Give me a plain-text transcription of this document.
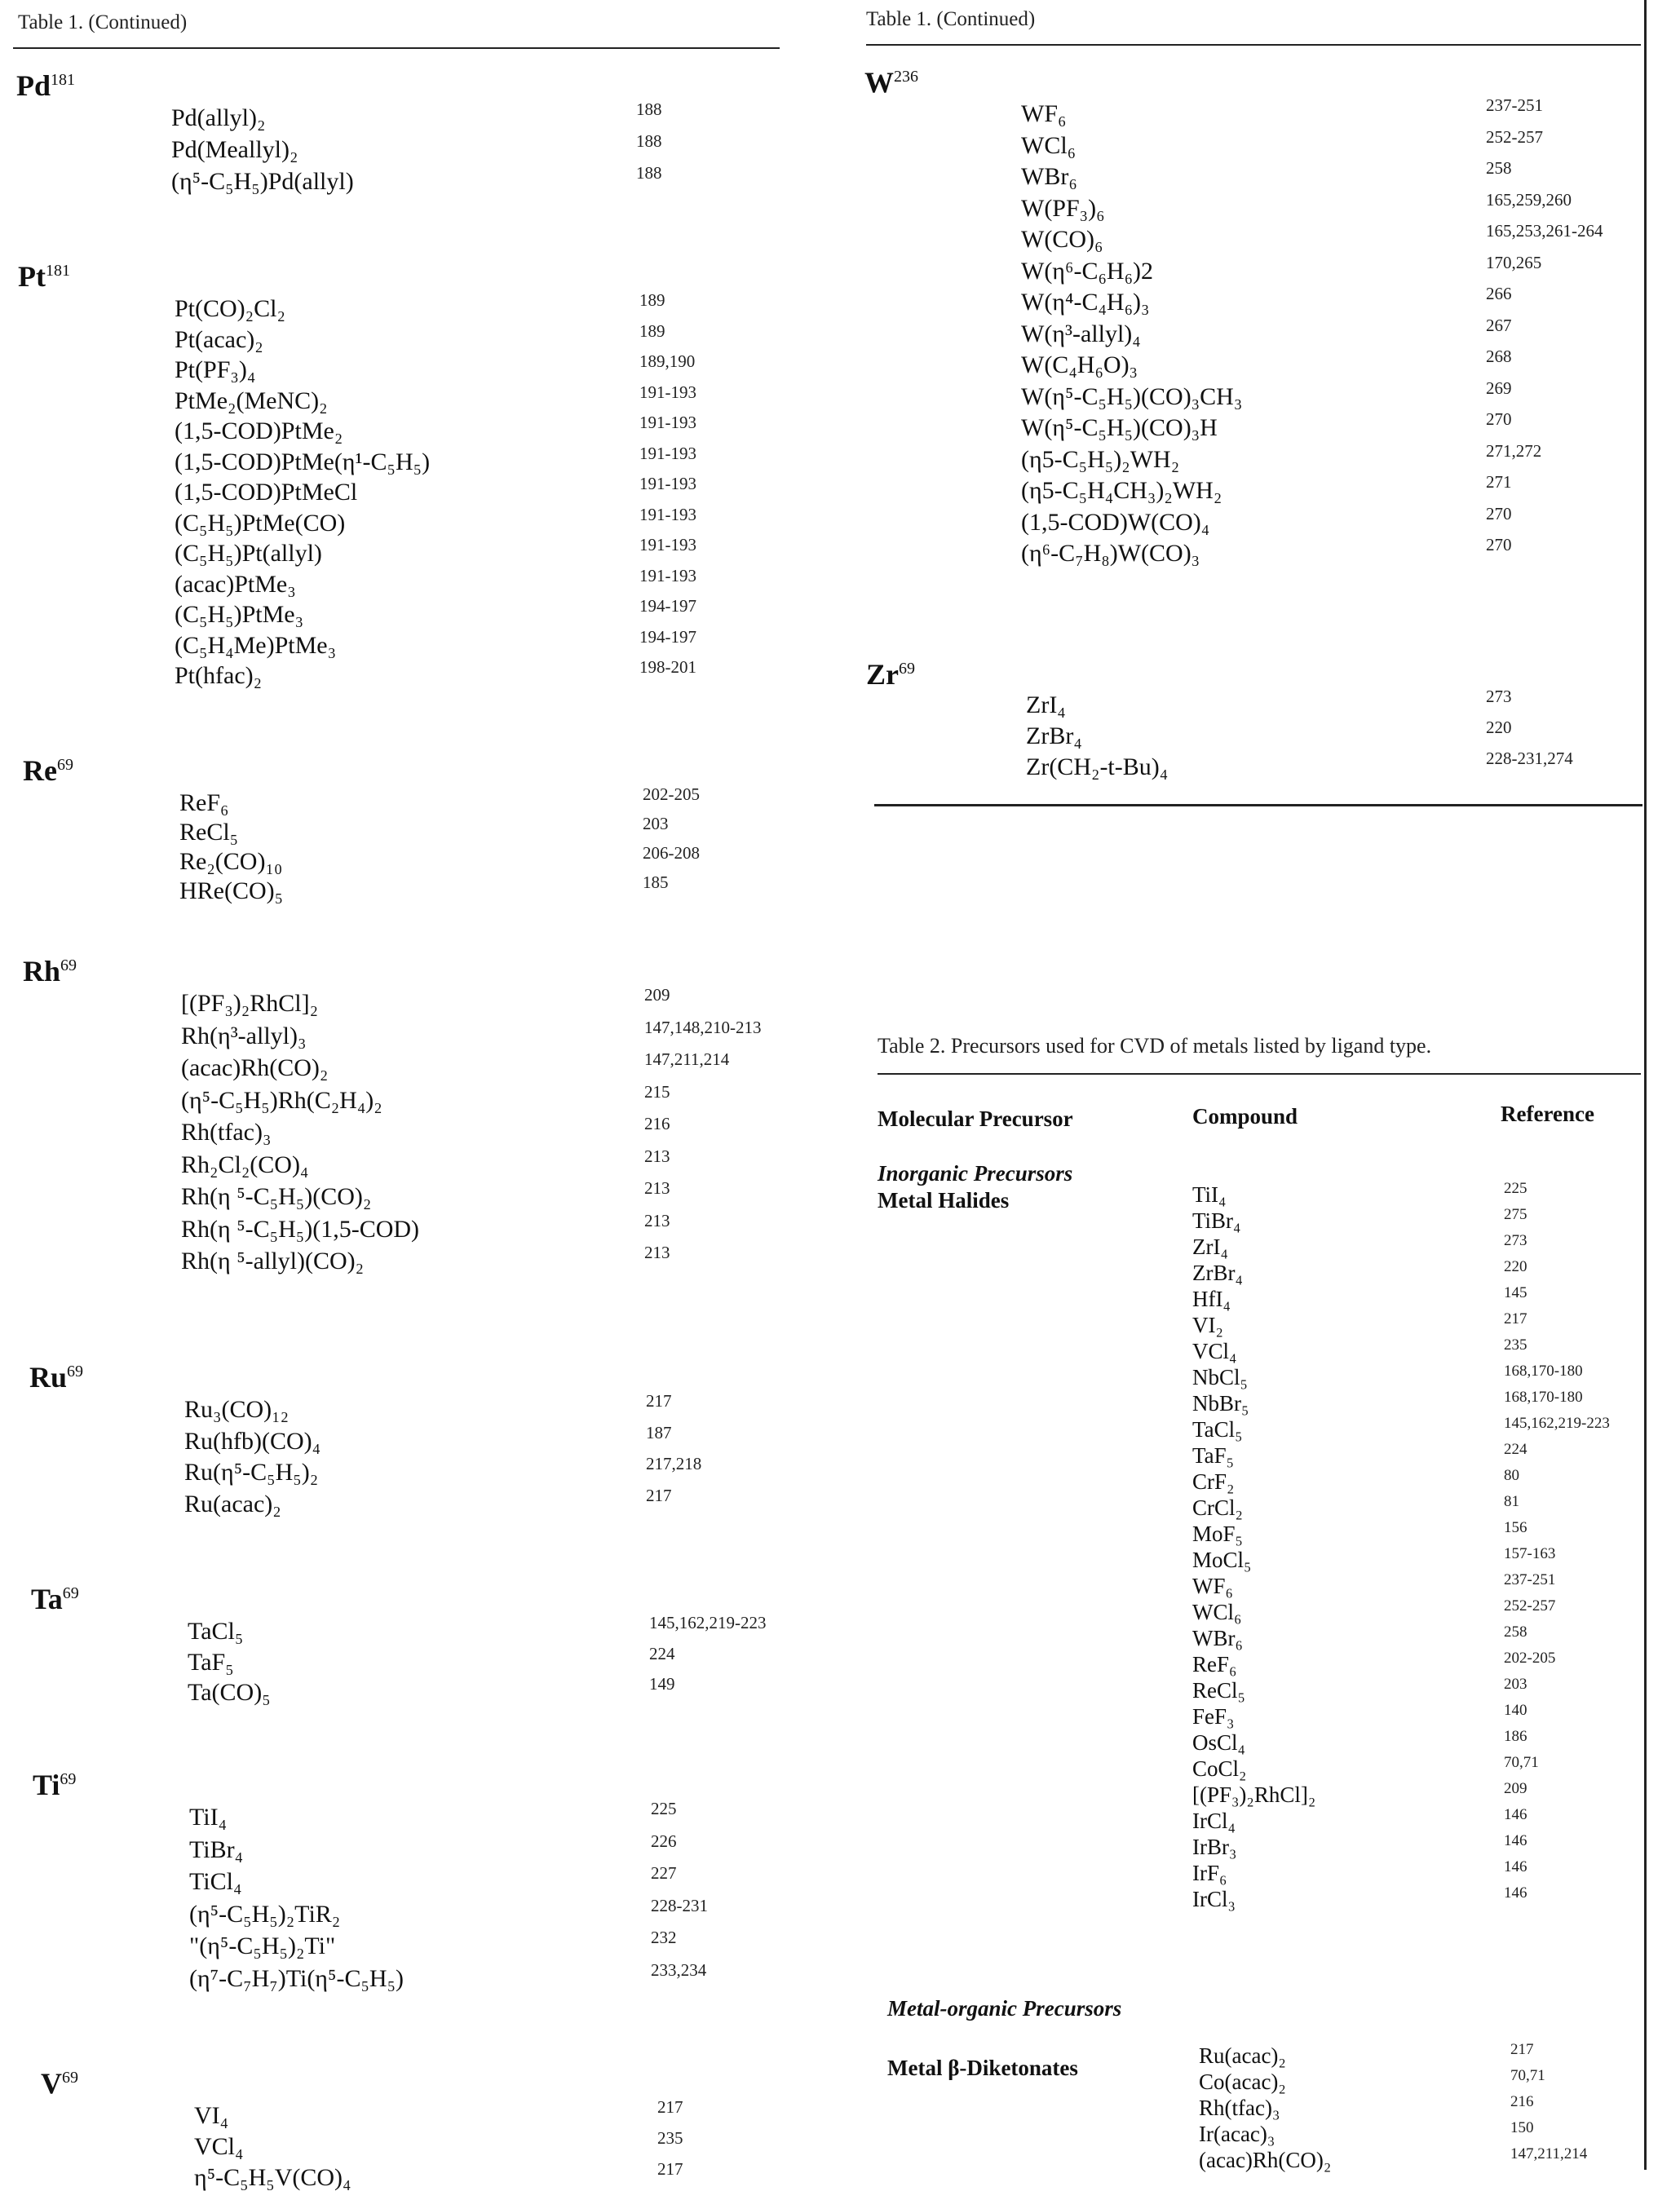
Table 1. (Continued)
Pd$^{181}$
Pd(allyl)₂	188
Pd(Meallyl)₂	188
(η⁵-C₅H₅)Pd(allyl)	188
Pt$^{181}$
Pt(CO)₂Cl₂	189
Pt(acac)₂	189
Pt(PF₃)₄	189,190
PtMe₂(MeNC)₂	191-193
(1,5-COD)PtMe₂	191-193
(1,5-COD)PtMe(η¹-C₅H₅)	191-193
(1,5-COD)PtMeCl	191-193
(C₅H₅)PtMe(CO)	191-193
(C₅H₅)Pt(allyl)	191-193
(acac)PtMe₃	191-193
(C₅H₅)PtMe₃	194-197
(C₅H₄Me)PtMe₃	194-197
Pt(hfac)₂	198-201
Re$^{69}$
ReF₆	202-205
ReCl₅	203
Re₂(CO)₁₀	206-208
HRe(CO)₅	185
Rh$^{69}$
[(PF₃)₂RhCl]₂	209
Rh(η³-allyl)₃	147,148,210-213
(acac)Rh(CO)₂	147,211,214
(η⁵-C₅H₅)Rh(C₂H₄)₂	215
Rh(tfac)₃	216
Rh₂Cl₂(CO)₄	213
Rh(η ⁵-C₅H₅)(CO)₂	213
Rh(η ⁵-C₅H₅)(1,5-COD)	213
Rh(η ⁵-allyl)(CO)₂	213
Ru$^{69}$
Ru₃(CO)₁₂	217
Ru(hfb)(CO)₄	187
Ru(η⁵-C₅H₅)₂	217,218
Ru(acac)₂	217
Ta$^{69}$
TaCl₅	145,162,219-223
TaF₅	224
Ta(CO)₅	149
Ti$^{69}$
TiI₄	225
TiBr₄	226
TiCl₄	227
(η⁵-C₅H₅)₂TiR₂	228-231
"(η⁵-C₅H₅)₂Ti"	232
(η⁷-C₇H₇)Ti(η⁵-C₅H₅)	233,234
$V^{69}$
VI₄	217
VCl₄	235
η⁵-C₅H₅V(CO)₄	217
Table 1. (Continued)
$W^{236}$
WF₆	237-251
WCl₆	252-257
WBr₆	258
W(PF₃)₆	165,259,260
W(CO)₆	165,253,261-264
W(η⁶-C₆H₆)2	170,265
W(η⁴-C₄H₆)₃	266
W(η³-allyl)₄	267
W(C₄H₆O)₃	268
W(η⁵-C₅H₅)(CO)₃CH₃	269
W(η⁵-C₅H₅)(CO)₃H	270
(η5-C₅H₅)₂WH₂	271,272
(η5-C₅H₄CH₃)₂WH₂	271
(1,5-COD)W(CO)₄	270
(η⁶-C₇H₈)W(CO)₃	270
Zr$^{69}$
ZrI₄	273
ZrBr₄	220
Zr(CH₂-t-Bu)₄	228-231,274
Table 2. Precursors used for CVD of metals listed by ligand type.
Molecular Precursor	Compound	Reference
Inorganic Precursors
Metal Halides	TiI₄	225
TiBr₄	275
ZrI₄	273
ZrBr₄	220
HfI₄	145
VI₂	217
VCl₄	235
NbCl₅	168,170-180
NbBr₅	168,170-180
TaCl₅	145,162,219-223
TaF₅	224
CrF₂	80
CrCl₂	81
MoF₅	156
MoCl₅	157-163
WF₆	237-251
WCl₆	252-257
WBr₆	258
ReF₆	202-205
ReCl₅	203
FeF₃	140
OsCl₄	186
CoCl₂	70,71
[(PF₃)₂RhCl]₂	209
IrCl₄	146
IrBr₃	146
IrF₆	146
IrCl₃	146
Metal-organic Precursors
Metal β-Diketonates	Ru(acac)₂	217
Co(acac)₂	70,71
Rh(tfac)₃	216
Ir(acac)₃	150
(acac)Rh(CO)₂	147,211,214
